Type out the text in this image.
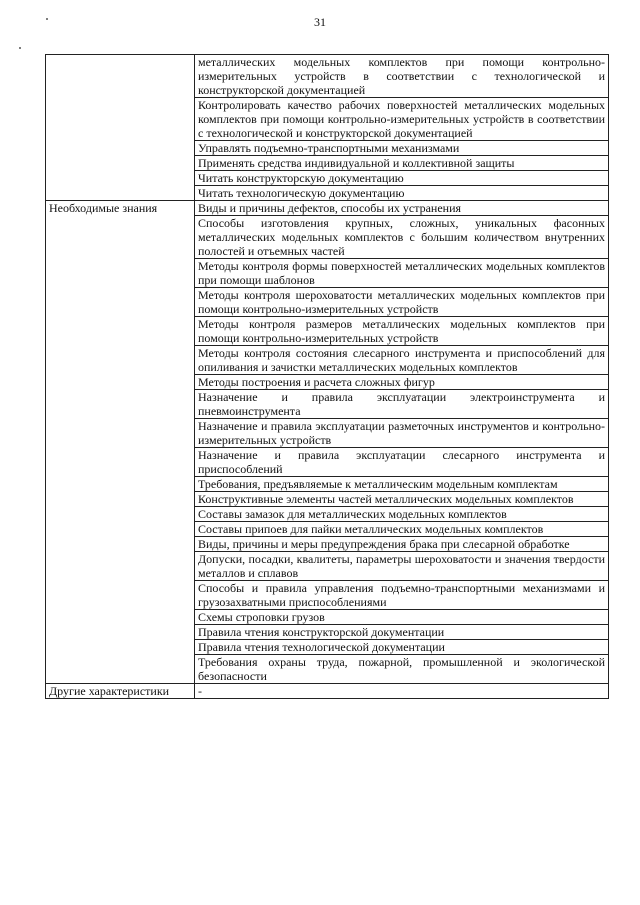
31
	металлических модельных комплектов при помощи контрольно-измерительных устройств в соответствии с технологической и конструкторской документацией
	Контролировать качество рабочих поверхностей металлических модельных комплектов при помощи контрольно-измерительных устройств в соответствии с технологической и конструкторской документацией
	Управлять подъемно-транспортными механизмами
	Применять средства индивидуальной и коллективной защиты
	Читать конструкторскую документацию
	Читать технологическую документацию
Необходимые знания	Виды и причины дефектов, способы их устранения
	Способы изготовления крупных, сложных, уникальных фасонных металлических модельных комплектов с большим количеством внутренних полостей и отъемных частей
	Методы контроля формы поверхностей металлических модельных комплектов при помощи шаблонов
	Методы контроля шероховатости металлических модельных комплектов при помощи контрольно-измерительных устройств
	Методы контроля размеров металлических модельных комплектов при помощи контрольно-измерительных устройств
	Методы контроля состояния слесарного инструмента и приспособлений для опиливания и зачистки металлических модельных комплектов
	Методы построения и расчета сложных фигур
	Назначение и правила эксплуатации электроинструмента и пневмоинструмента
	Назначение и правила эксплуатации разметочных инструментов и контрольно-измерительных устройств
	Назначение и правила эксплуатации слесарного инструмента и приспособлений
	Требования, предъявляемые к металлическим модельным комплектам
	Конструктивные элементы частей металлических модельных комплектов
	Составы замазок для металлических модельных комплектов
	Составы припоев для пайки металлических модельных комплектов
	Виды, причины и меры предупреждения брака при слесарной обработке
	Допуски, посадки, квалитеты, параметры шероховатости и значения твердости металлов и сплавов
	Способы и правила управления подъемно-транспортными механизмами и грузозахватными приспособлениями
	Схемы строповки грузов
	Правила чтения конструкторской документации
	Правила чтения технологической документации
	Требования охраны труда, пожарной, промышленной и экологической безопасности
Другие характеристики	-
